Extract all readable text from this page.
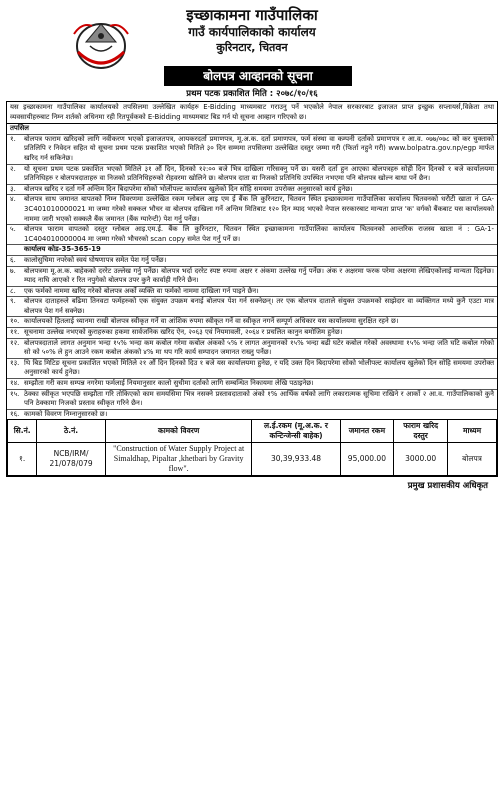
इच्छाकामना गाउँपालिका
गाउँ कार्यपालिकाको कार्यालय
कुरिनटार, चितवन
बोलपत्र आव्हानको सूचना
प्रथम पटक प्रकाशित मिति : २०७८/१०/१६
यस इच्छाकामना गाउँपालिका कार्यालयको तपसिलमा उल्लेखित कार्यहरु E-Bidding माध्यमबाट गराउनु पर्ने भएकोले नेपाल सरकारबाट इजाजत प्राप्त इच्छुक सप्लायर्स,विक्रेता तथा व्यवसायीहरुबाट निम्न शर्तको अधिनमा रही रितपूर्वकको E-Bidding माध्यमबाट बिड गर्न यो सूचना आव्हान गरिएको छ।
तपसिल
१.	बोलपत्र फाराम खरिदको लागि नवीकरण भएको इजाजतपत्र, आयकरदर्ता प्रमाणपत्र, मू.अ.क. दर्ता प्रमाणपत्र, फर्म संस्था वा कम्पनी दर्ताको प्रमाणपत्र र आ.व. ०७७/०७८ को कर चुक्ताको प्रतिलिपि र निवेदन सहित यो सूचना प्रथम पटक प्रकाशित भएको मितिले ३० दिन सम्ममा तपसिलमा उल्लेखित दस्तुर जम्मा गरी (फिर्ता नहुने गरी) www.bolpatra.gov.np/egp मार्फत खरिद गर्न सकिनेछ।
२.	यो सूचना प्रथम पटक प्रकाशित भएको मितिले ३१ औं दिन, दिनको १२:०० बजे भित्र दाखिला गरिसक्नु पर्ने छ। यसरी दर्ता हुन आएका बोलपत्रहरु सोही दिन दिनको १ बजे कार्यालयमा प्रतिनिधिहरु र बोलपत्रदाताहरु वा निजको प्रतिनिधिहरुको रोहवरमा खोलिने छ। बोलपत्र दाता वा निजको प्रतिनिधि उपस्थित नभएमा पनि बोलपत्र खोल्न बाधा पर्ने छैन।
३.	बोलपत्र खरिद र दर्ता गर्ने अन्तिम दिन बिदापरेमा सोको भोलीपल्ट कार्यालय खुलेको दिन सोहि समयमा उपरोक्त अनुसारको कार्य हुनेछ।
४.	बोलपत्र साथ जमानत बापतको निम्न विवरणमा उल्लेखित रकम ग्लोबल आइ एम ई बैंक लि कुरिनटार, चितवन स्थित इच्छाकामना गाउँपालिका कार्यालय चितवनको धरौटी खाता नं GA-3C401010000021 मा जम्मा गरेको सक्कल भौचर वा बोलपत्र दाखिला गर्ने अन्तिम मितिबाट १२० दिन म्याद भएको नेपाल सरकारबाट मान्यता प्राप्त 'क' वर्गको बैंकबाट यस कार्यालयको नाममा जारी भएको सक्कलै बैंक जमानत (बैंक ग्यारेन्टी) पेश गर्नु पर्नेछ।
५.	बोलपत्र फाराम वापतको दस्तुर ग्लोबल आइ.एम.ई. बैंक लि कुरिनटार, चितवन स्थित इच्छाकामना गाउँपालिका कार्यालय चितवनको आन्तरिक राजस्व खाता नं : GA-1-1C404010000004 मा जम्मा गरेको भौचरको scan copy समेत पेश गर्नु पर्ने छ।
कार्यालय कोड-35-365-19
६.	कालोसुचिमा नपरेको स्वयं घोषणापत्र समेत पेश गर्नु पर्नेछ।
७.	बोलपत्रमा मू.अ.क. बाहेकको दररेट उल्लेख गर्नु पर्नेछ। बोलपत्र भर्दा दररेट स्पष्ट रुपमा अक्षर र अंकमा उल्लेख गर्नु पर्नेछ। अंक र अक्षरमा फरक परेमा अक्षरमा लेखिएकोलाई मान्यता दिइनेछ। म्याद नाघि आएको र रित नपुगेको बोलपत्र उपर कुनै कार्वाही गरिने छैन।
८.	एक फर्मको नाममा खरिद गरेको बोलपत्र अर्को व्यक्ति वा फर्मको नाममा दाखिला गर्न पाइने छैन।
९.	बोलपत्र दाताहरुले बढिमा तिनवटा फर्महरुको एक संयुक्त उपक्रम बनाई बोलपत्र पेश गर्न सक्नेछन्। तर एक बोलपत्र दाताले संयुक्त उपक्रमको साझेदार वा व्यक्तिगत मध्ये कुनै एउटा मात्र बोलपत्र पेश गर्न सक्नेछ।
१०. कार्यालयको हितलाई ध्यानमा राखी बोलपत्र स्वीकृत गर्ने वा आंशिक रुपमा स्वीकृत गर्ने वा स्वीकृत नगर्ने सम्पूर्ण अधिकार यस कार्यालयमा सुरक्षित रहने छ।
११. सूचनामा उल्लेख नभएको कुराहरुका हकमा सार्वजनिक खरिद ऐन, २०६३ एवं नियमावली, २०६४ र प्रचलित कानुन बमोजिम हुनेछ।
१२. बोलपत्रदाताले लागत अनुमान भन्दा १५% भन्दा कम कबोल गरेमा कबोल अंकको ५% र लागत अनुमानको १५% भन्दा बढी घटेर कबोल गरेको अवस्थामा १५% भन्दा जति घटि कबोल गरेको सो को ५०% ले हुन आउने रकम कबोल अंकको ४% मा थप गरि कार्य सम्पादन जमानत राख्नु पर्नेछ।
१३. थि बिड मिटिङ सूचना प्रकाशित भएको मितिले २१ औं दिन दिनको दिउ १ बजे यस कार्यालयमा हुनेछ, र यदि उक्त दिन बिदापरेमा सोको भोलीपल्ट कार्यालय खुलेको दिन सोहि समयमा उपरोक्त अनुसारको कार्य हुनेछ।
१४. सम्झौता गरी काम सम्पन्न नगरेमा फर्मलाई नियमानुसार कालो सुचीमा दर्ताको लागि सम्बन्धित निकायमा लेखि पठाइनेछ।
१५. ठेक्का स्वीकृत भएपछि सम्झौता गरि तोकिएको काम समयसिमा भित्र नसक्ने प्रस्तावदाताको अंको १% आर्थिक वर्षको लागि लकारात्मक सूचिमा राखिने र आर्को २ आ.व. गाउँपालिकाको कुनै पनि ठेक्कामा निजको प्रस्ताव स्वीकृत गरिने छैन।
१६. कामको विवरण निम्नानुसारको छ।
सि.नं.	ठे.नं.	कामको विवरण	ल.ई.रकम (मू.अ.क. र कन्टिन्जेन्सी बाहेक)	जमानत रकम	फाराम खरिद दस्तुर	माध्यम
१.	NCB/IRM/ 21/078/079	"Construction of Water Supply Project at Simaldhap, Pipaltar ,khetbari by Gravity flow".	30,39,933.48	95,000.00	3000.00	बोलपत्र
प्रमुख प्रशासकीय अधिकृत
